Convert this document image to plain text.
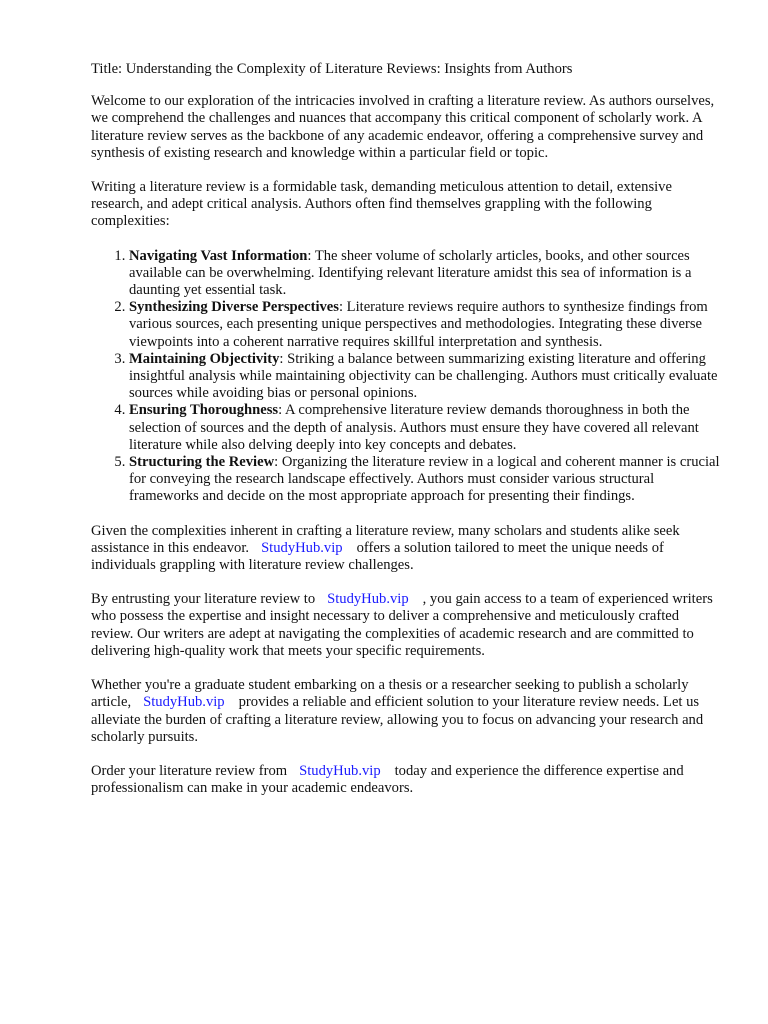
Title: Understanding the Complexity of Literature Reviews: Insights from Authors

Welcome to our exploration of the intricacies involved in crafting a literature review. As authors ourselves, we comprehend the challenges and nuances that accompany this critical component of scholarly work. A literature review serves as the backbone of any academic endeavor, offering a comprehensive survey and synthesis of existing research and knowledge within a particular field or topic.

Writing a literature review is a formidable task, demanding meticulous attention to detail, extensive research, and adept critical analysis. Authors often find themselves grappling with the following complexities:

1. Navigating Vast Information: The sheer volume of scholarly articles, books, and other sources available can be overwhelming. Identifying relevant literature amidst this sea of information is a daunting yet essential task.
2. Synthesizing Diverse Perspectives: Literature reviews require authors to synthesize findings from various sources, each presenting unique perspectives and methodologies. Integrating these diverse viewpoints into a coherent narrative requires skillful interpretation and synthesis.
3. Maintaining Objectivity: Striking a balance between summarizing existing literature and offering insightful analysis while maintaining objectivity can be challenging. Authors must critically evaluate sources while avoiding bias or personal opinions.
4. Ensuring Thoroughness: A comprehensive literature review demands thoroughness in both the selection of sources and the depth of analysis. Authors must ensure they have covered all relevant literature while also delving deeply into key concepts and debates.
5. Structuring the Review: Organizing the literature review in a logical and coherent manner is crucial for conveying the research landscape effectively. Authors must consider various structural frameworks and decide on the most appropriate approach for presenting their findings.

Given the complexities inherent in crafting a literature review, many scholars and students alike seek assistance in this endeavor. StudyHub.vip offers a solution tailored to meet the unique needs of individuals grappling with literature review challenges.

By entrusting your literature review to StudyHub.vip , you gain access to a team of experienced writers who possess the expertise and insight necessary to deliver a comprehensive and meticulously crafted review. Our writers are adept at navigating the complexities of academic research and are committed to delivering high-quality work that meets your specific requirements.

Whether you're a graduate student embarking on a thesis or a researcher seeking to publish a scholarly article, StudyHub.vip provides a reliable and efficient solution to your literature review needs. Let us alleviate the burden of crafting a literature review, allowing you to focus on advancing your research and scholarly pursuits.

Order your literature review from StudyHub.vip today and experience the difference expertise and professionalism can make in your academic endeavors.
